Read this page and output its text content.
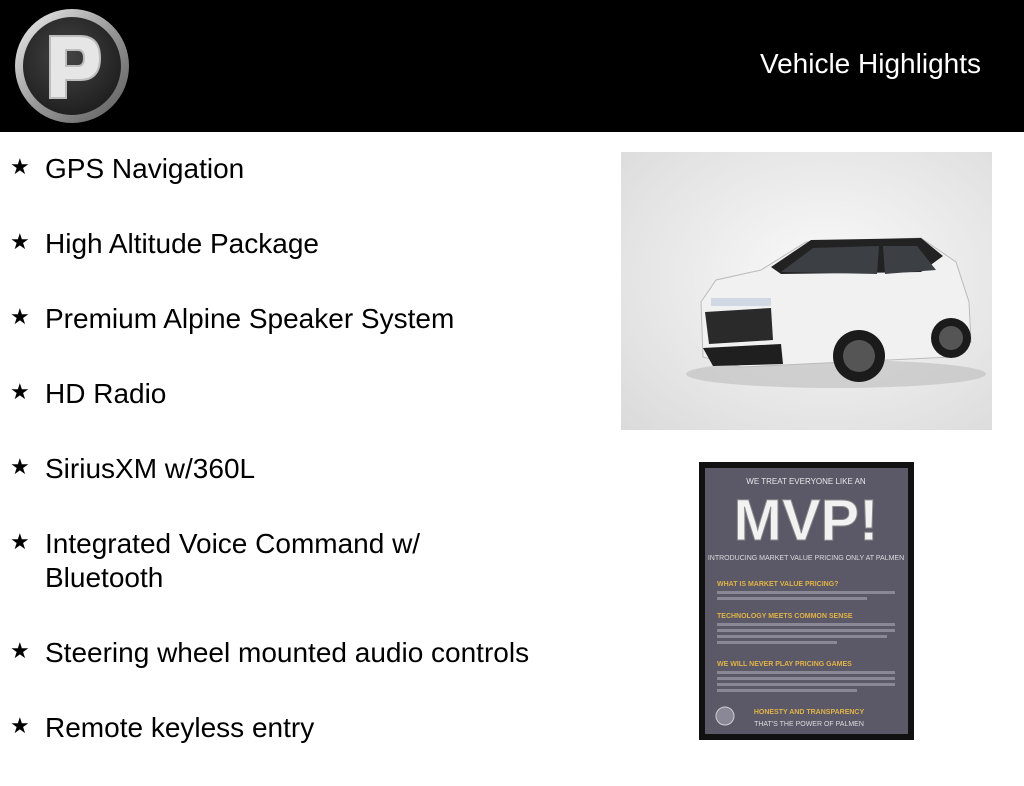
Vehicle Highlights
★ GPS Navigation
★ High Altitude Package
★ Premium Alpine Speaker System
★ HD Radio
★ SiriusXM w/360L
★ Integrated Voice Command w/ Bluetooth
★ Steering wheel mounted audio controls
★ Remote keyless entry
WE TREAT EVERYONE LIKE AN
MVP!
INTRODUCING MARKET VALUE PRICING ONLY AT PALMEN
WHAT IS MARKET VALUE PRICING?
TECHNOLOGY MEETS COMMON SENSE
WE WILL NEVER PLAY PRICING GAMES
HONESTY AND TRANSPARENCY
THAT'S THE POWER OF PALMEN
